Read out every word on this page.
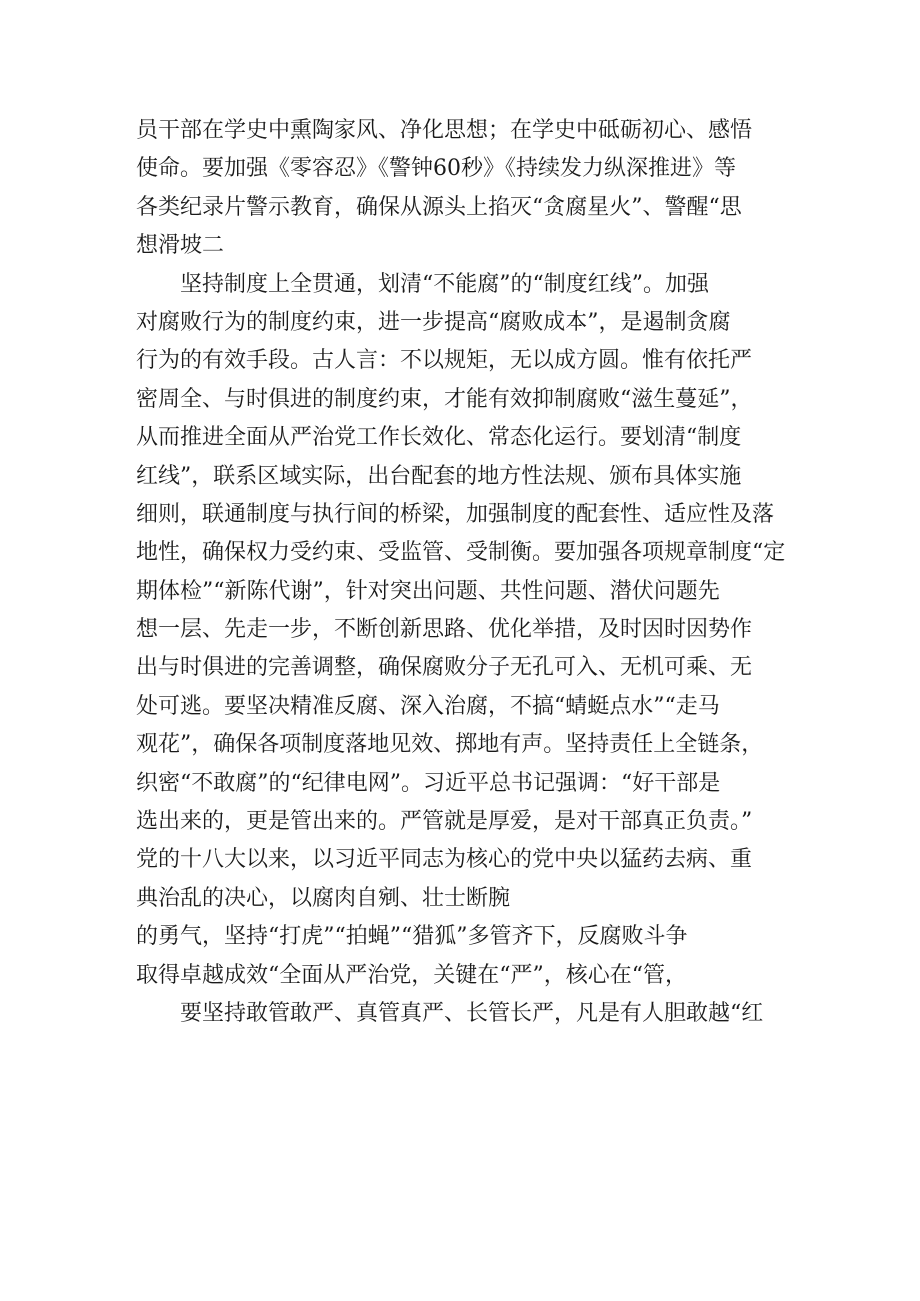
员干部在学史中熏陶家风、净化思想；在学史中砥砺初心、感悟
使命。要加强《零容忍》《警钟60秒》《持续发力纵深推进》等
各类纪录片警示教育，确保从源头上掐灭“贪腐星火”、警醒“思
想滑坡二
坚持制度上全贯通，划清“不能腐”的“制度红线”。加强
对腐败行为的制度约束，进一步提高“腐败成本”，是遏制贪腐
行为的有效手段。古人言：不以规矩，无以成方圆。惟有依托严
密周全、与时俱进的制度约束，才能有效抑制腐败“滋生蔓延”，
从而推进全面从严治党工作长效化、常态化运行。要划清“制度
红线”，联系区域实际，出台配套的地方性法规、颁布具体实施
细则，联通制度与执行间的桥梁，加强制度的配套性、适应性及落
地性，确保权力受约束、受监管、受制衡。要加强各项规章制度“定
期体检”“新陈代谢”，针对突出问题、共性问题、潜伏问题先
想一层、先走一步，不断创新思路、优化举措，及时因时因势作
出与时俱进的完善调整，确保腐败分子无孔可入、无机可乘、无
处可逃。要坚决精准反腐、深入治腐，不搞“蜻蜓点水”“走马
观花”，确保各项制度落地见效、掷地有声。坚持责任上全链条，
织密“不敢腐”的“纪律电网”。习近平总书记强调：“好干部是
选出来的，更是管出来的。严管就是厚爱，是对干部真正负责。”
党的十八大以来，以习近平同志为核心的党中央以猛药去病、重
典治乱的决心，以腐肉自剜、壮士断腕
的勇气，坚持“打虎”“拍蝇”“猎狐”多管齐下，反腐败斗争
取得卓越成效“全面从严治党，关键在“严”，核心在“管，
要坚持敢管敢严、真管真严、长管长严，凡是有人胆敢越“红
